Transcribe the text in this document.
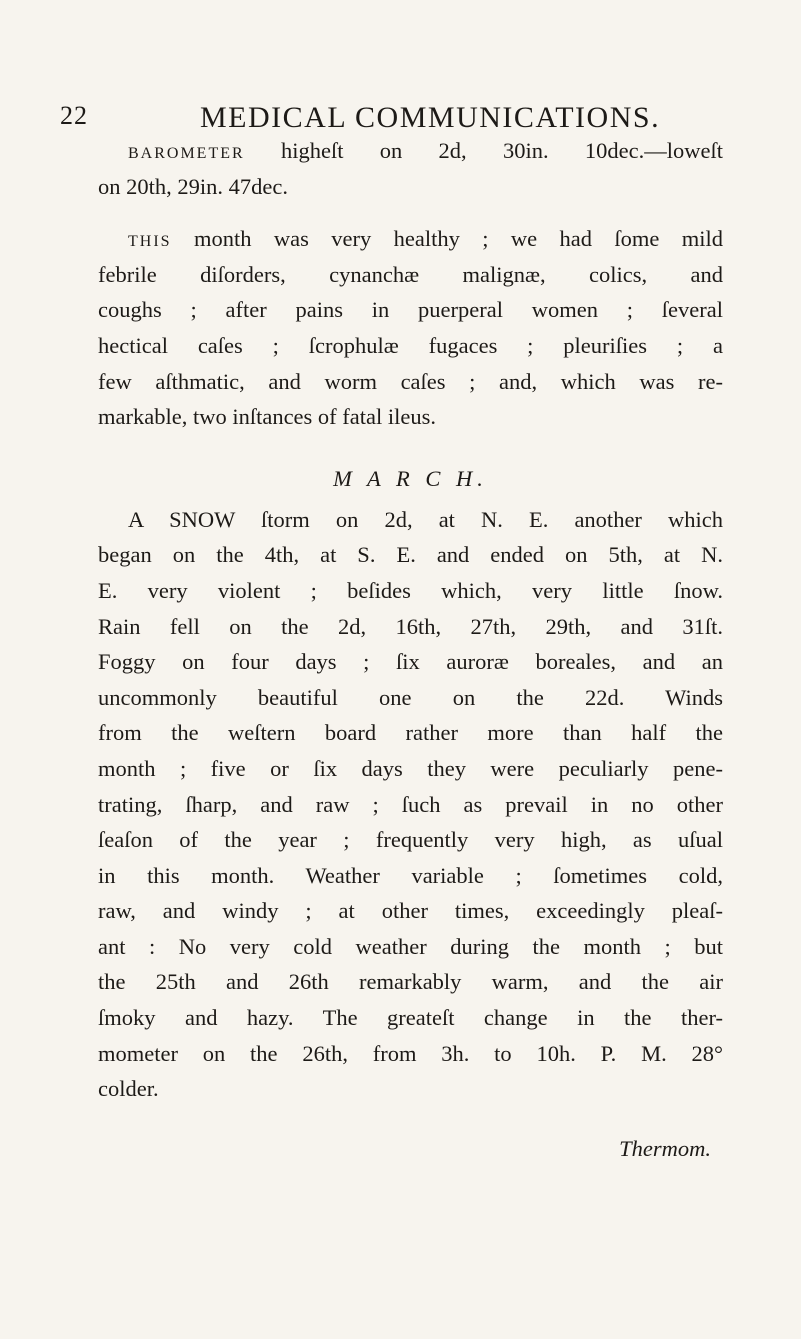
22	MEDICAL COMMUNICATIONS.
barometer higheſt on 2d, 30in. 10dec.—loweſt
on 20th, 29in. 47dec.
this month was very healthy ; we had ſome mild
febrile diſorders, cynanchæ malignæ, colics, and
coughs ; after pains in puerperal women ; ſeveral
hectical caſes ; ſcrophulæ fugaces ; pleuriſies ; a
few aſthmatic, and worm caſes ; and, which was re-
markable, two inſtances of fatal ileus.
M A R C H.
A SNOW ſtorm on 2d, at N. E. another which
began on the 4th, at S. E. and ended on 5th, at N.
E. very violent ; beſides which, very little ſnow.
Rain fell on the 2d, 16th, 27th, 29th, and 31ſt.
Foggy on four days ; ſix auroræ boreales, and an
uncommonly beautiful one on the 22d. Winds
from the weſtern board rather more than half the
month ; five or ſix days they were peculiarly pene-
trating, ſharp, and raw ; ſuch as prevail in no other
ſeaſon of the year ; frequently very high, as uſual
in this month. Weather variable ; ſometimes cold,
raw, and windy ; at other times, exceedingly pleaſ-
ant : No very cold weather during the month ; but
the 25th and 26th remarkably warm, and the air
ſmoky and hazy. The greateſt change in the ther-
mometer on the 26th, from 3h. to 10h. P. M. 28°
colder.
Thermom.
